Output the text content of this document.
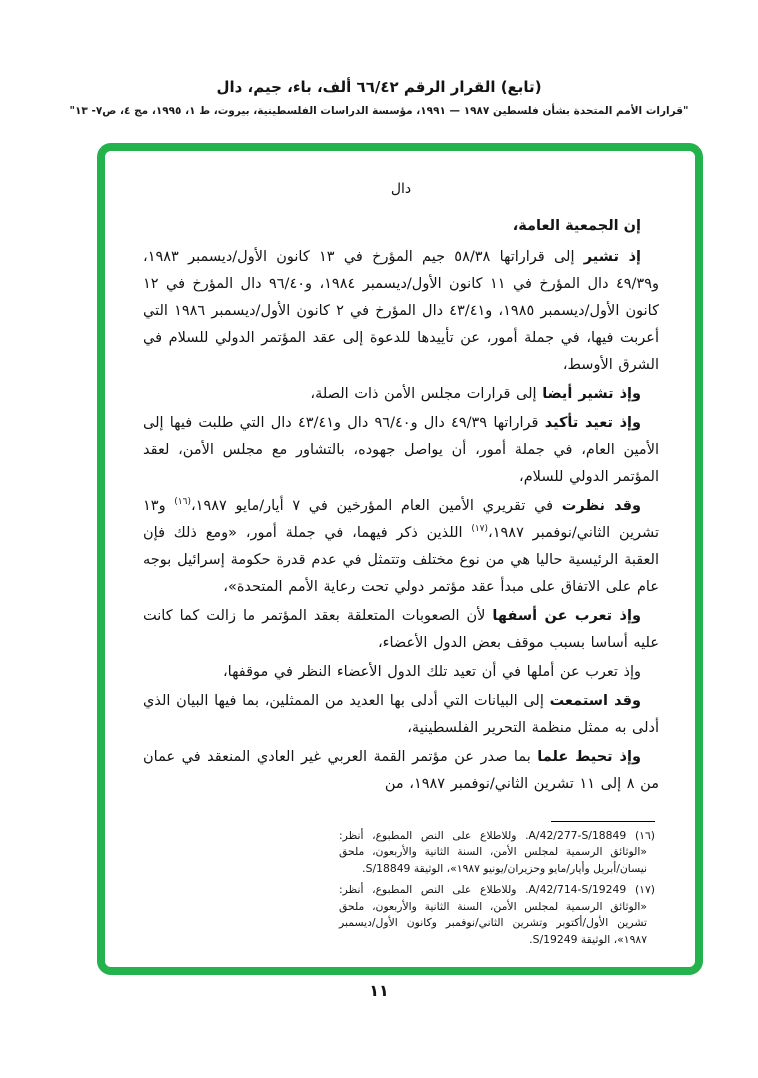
(تابع) القرار الرقم ٦٦/٤٢ ألف، باء، جيم، دال
"قرارات الأمم المتحدة بشأن فلسطين ١٩٨٧ — ١٩٩١، مؤسسة الدراسات الفلسطينية، بيروت، ط ١، ١٩٩٥، مج ٤، ص٧- ١٣"
دال

إن الجمعية العامة،

إذ تشير إلى قراراتها ٥٨/٣٨ جيم المؤرخ في ١٣ كانون الأول/ديسمبر ١٩٨٣، و٤٩/٣٩ دال المؤرخ في ١١ كانون الأول/ديسمبر ١٩٨٤، و٩٦/٤٠ دال المؤرخ في ١٢ كانون الأول/ديسمبر ١٩٨٥، و٤٣/٤١ دال المؤرخ في ٢ كانون الأول/ديسمبر ١٩٨٦ التي أعربت فيها، في جملة أمور، عن تأييدها للدعوة إلى عقد المؤتمر الدولي للسلام في الشرق الأوسط،

وإذ تشير أيضا إلى قرارات مجلس الأمن ذات الصلة،

وإذ تعيد تأكيد قراراتها ٤٩/٣٩ دال و٩٦/٤٠ دال و٤٣/٤١ دال التي طلبت فيها إلى الأمين العام، في جملة أمور، أن يواصل جهوده، بالتشاور مع مجلس الأمن، لعقد المؤتمر الدولي للسلام،

وقد نظرت في تقريري الأمين العام المؤرخين في ٧ أيار/مايو ١٩٨٧،$^{(١٦)}$ و١٣ تشرين الثاني/نوفمبر ١٩٨٧،$^{(١٧)}$ اللذين ذكر فيهما، في جملة أمور، «ومع ذلك فإن العقبة الرئيسية حاليا هي من نوع مختلف وتتمثل في عدم قدرة حكومة إسرائيل بوجه عام على الاتفاق على مبدأ عقد مؤتمر دولي تحت رعاية الأمم المتحدة»،

وإذ تعرب عن أسفها لأن الصعوبات المتعلقة بعقد المؤتمر ما زالت كما كانت عليه أساسا بسبب موقف بعض الدول الأعضاء،

وإذ تعرب عن أملها في أن تعيد تلك الدول الأعضاء النظر في موقفها،

وقد استمعت إلى البيانات التي أدلى بها العديد من الممثلين، بما فيها البيان الذي أدلى به ممثل منظمة التحرير الفلسطينية،

وإذ تحيط علما بما صدر عن مؤتمر القمة العربي غير العادي المنعقد في عمان من ٨ إلى ١١ تشرين الثاني/نوفمبر ١٩٨٧، من

(١٦) A/42/277-S/18849. وللاطلاع على النص المطبوع، أنظر: «الوثائق الرسمية لمجلس الأمن، السنة الثانية والأربعون، ملحق نيسان/أبريل وأيار/مايو وحزيران/يونيو ١٩٨٧»، الوثيقة S/18849.

(١٧) A/42/714-S/19249. وللاطلاع على النص المطبوع، أنظر: «الوثائق الرسمية لمجلس الأمن، السنة الثانية والأربعون، ملحق تشرين الأول/أكتوبر وتشرين الثاني/نوفمبر وكانون الأول/ديسمبر ١٩٨٧»، الوثيقة S/19249.

١١
